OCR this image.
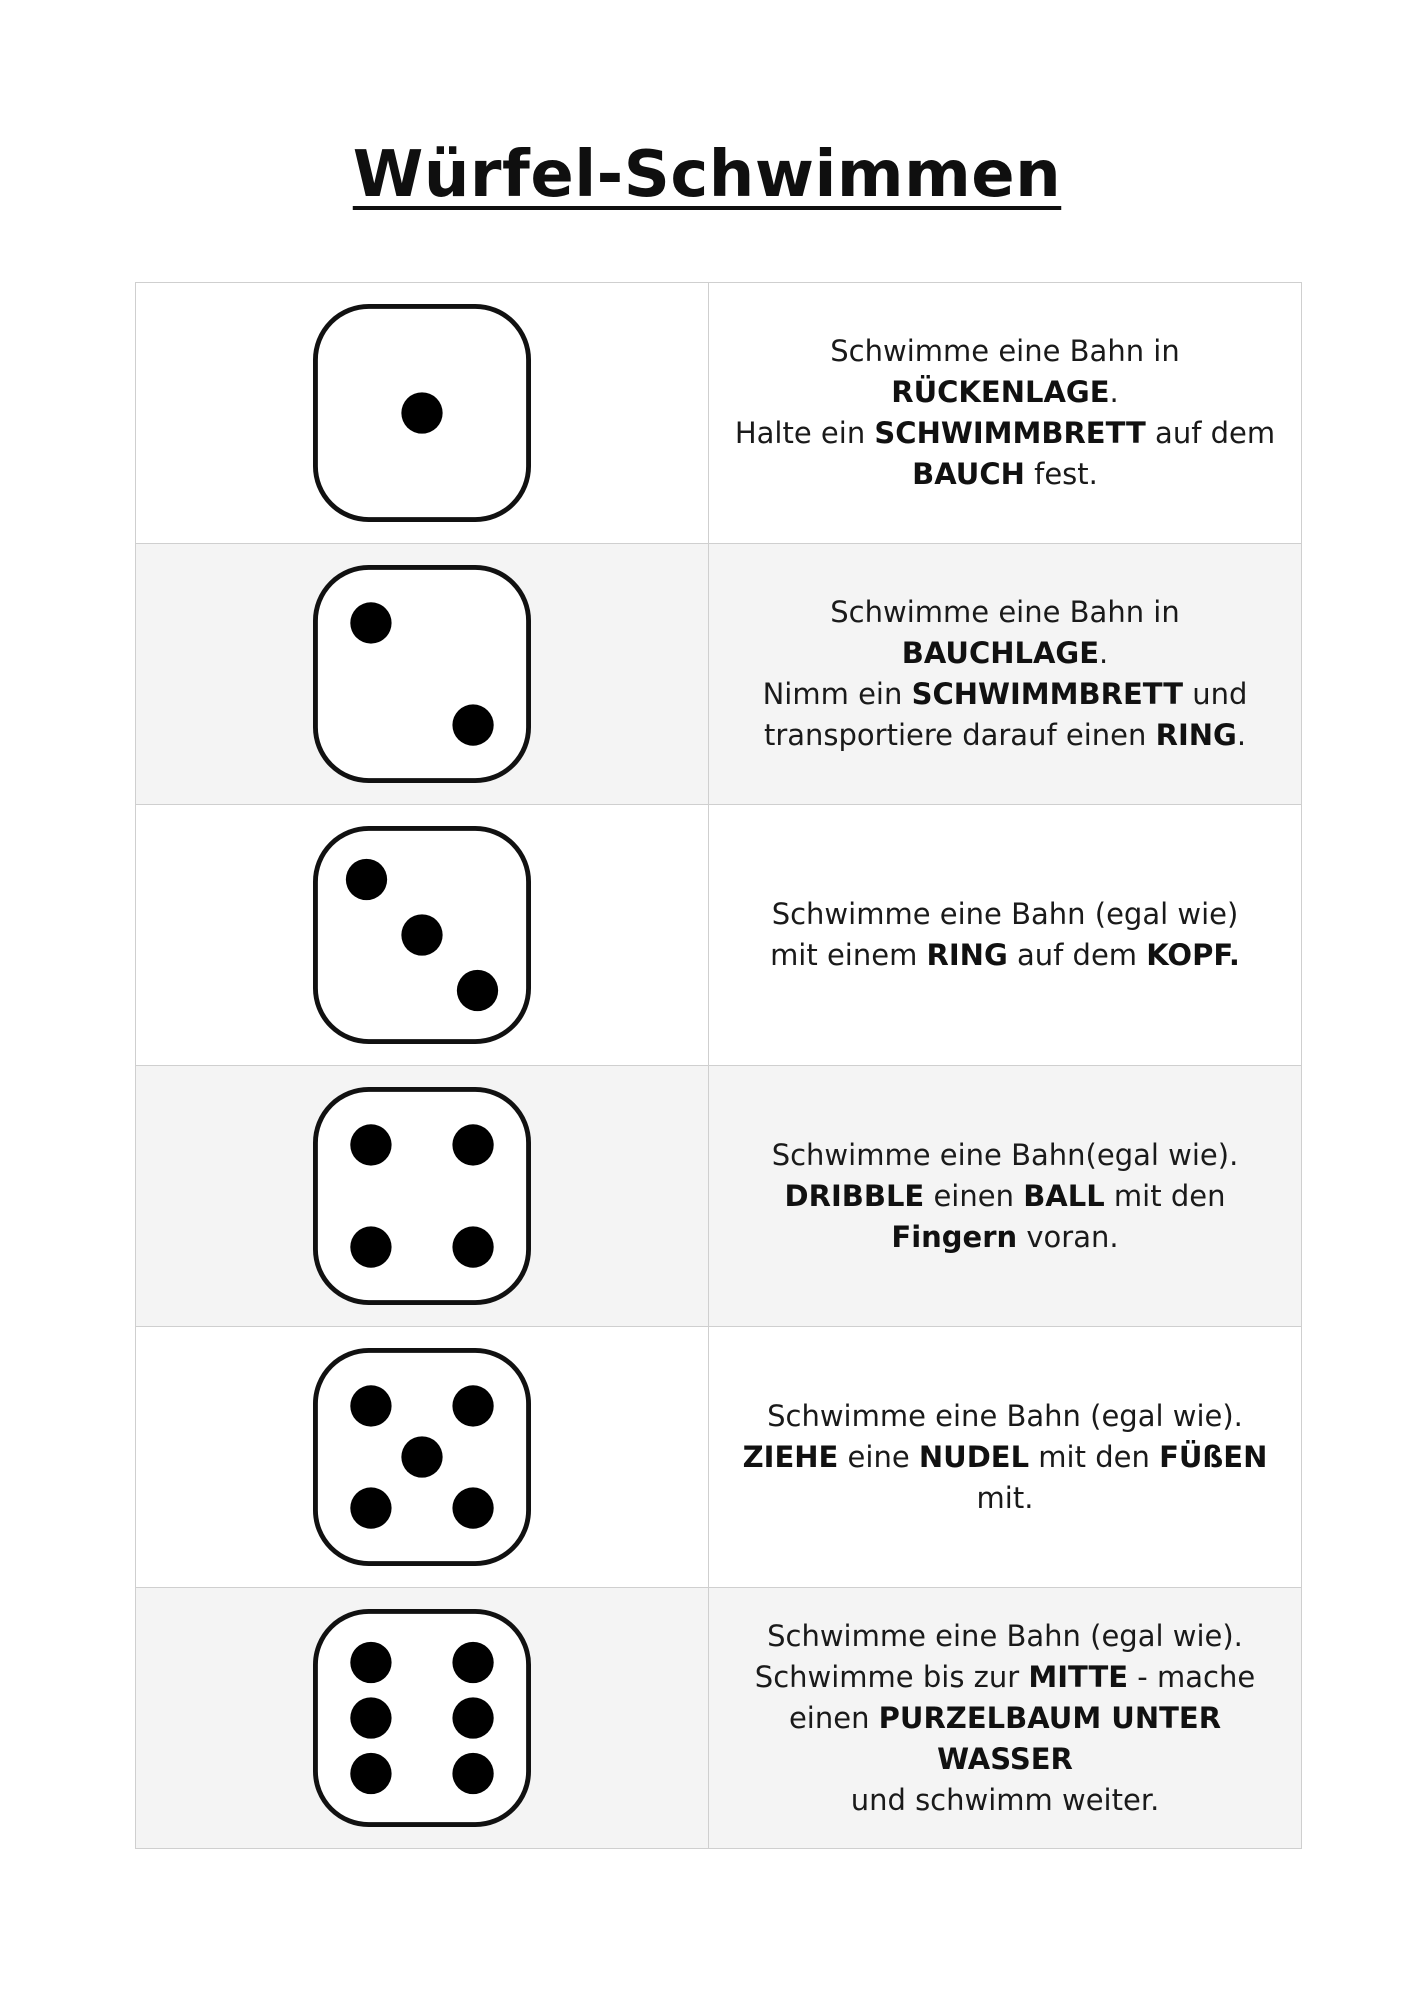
Würfel-Schwimmen

Schwimme eine Bahn in
RÜCKENLAGE.
Halte ein SCHWIMMBRETT auf dem
BAUCH fest.

Schwimme eine Bahn in
BAUCHLAGE.
Nimm ein SCHWIMMBRETT und
transportiere darauf einen RING.

Schwimme eine Bahn (egal wie)
mit einem RING auf dem KOPF.

Schwimme eine Bahn(egal wie).
DRIBBLE einen BALL mit den
Fingern voran.

Schwimme eine Bahn (egal wie).
ZIEHE eine NUDEL mit den FÜßEN
mit.

Schwimme eine Bahn (egal wie).
Schwimme bis zur MITTE - mache
einen PURZELBAUM UNTER WASSER
und schwimm weiter.
